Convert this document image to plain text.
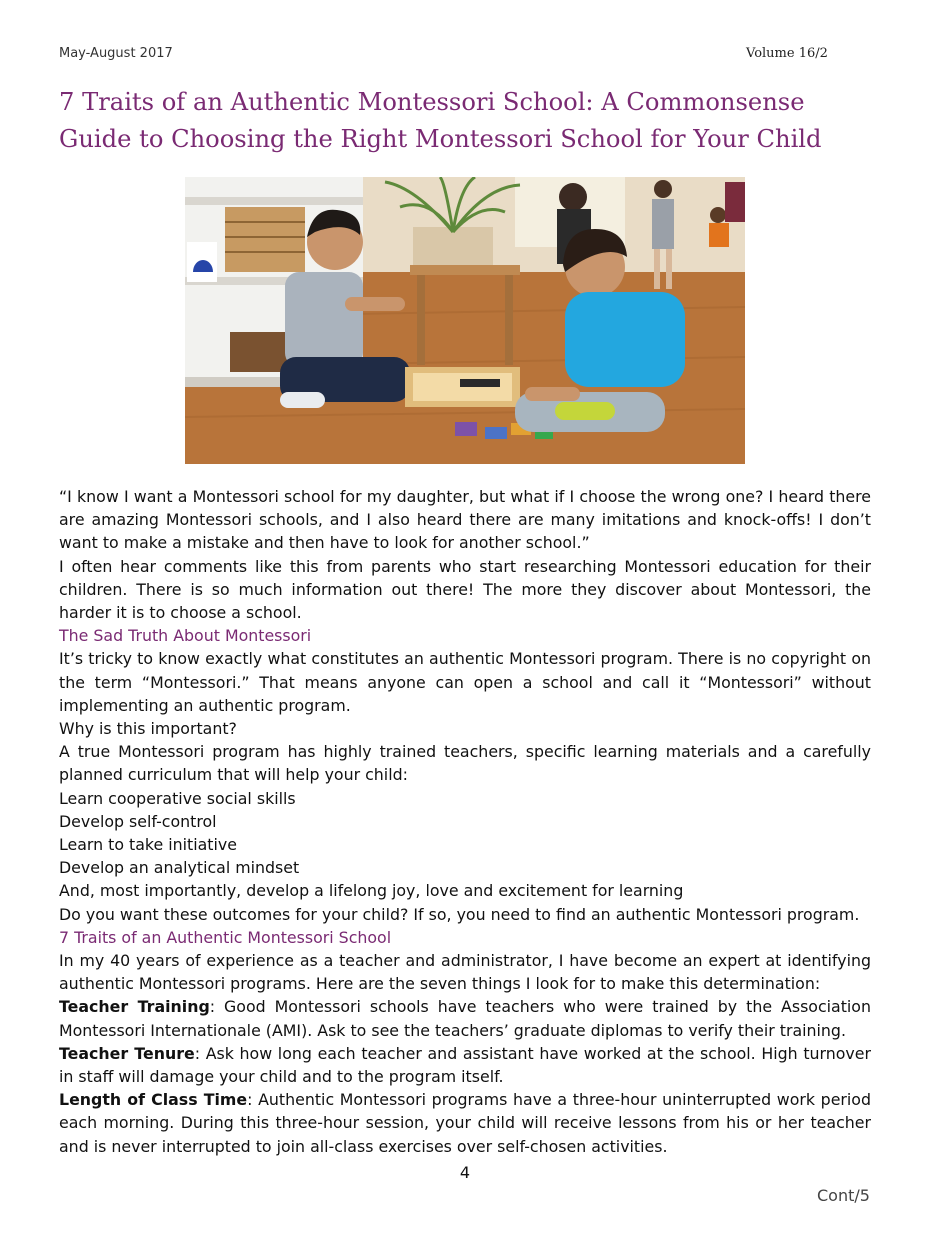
May-August 2017	Volume 16/2
7 Traits of an Authentic Montessori School: A Commonsense Guide to Choosing the Right Montessori School for Your Child

“I know I want a Montessori school for my daughter, but what if I choose the wrong one? I heard there are amazing Montessori schools, and I also heard there are many imitations and knock-offs! I don’t want to make a mistake and then have to look for another school.”

I often hear comments like this from parents who start researching Montessori education for their children. There is so much information out there! The more they discover about Montessori, the harder it is to choose a school.

The Sad Truth About Montessori

It’s tricky to know exactly what constitutes an authentic Montessori program. There is no copyright on the term “Montessori.” That means anyone can open a school and call it “Montessori” without implementing an authentic program.

Why is this important?

A true Montessori program has highly trained teachers, specific learning materials and a carefully planned curriculum that will help your child:

Learn cooperative social skills

Develop self-control

Learn to take initiative

Develop an analytical mindset

And, most importantly, develop a lifelong joy, love and excitement for learning

Do you want these outcomes for your child? If so, you need to find an authentic Montessori program.

7 Traits of an Authentic Montessori School

In my 40 years of experience as a teacher and administrator, I have become an expert at identifying authentic Montessori programs. Here are the seven things I look for to make this determination:

Teacher Training: Good Montessori schools have teachers who were trained by the Association Montessori Internationale (AMI). Ask to see the teachers’ graduate diplomas to verify their training.

Teacher Tenure: Ask how long each teacher and assistant have worked at the school. High turnover in staff will damage your child and to the program itself.

Length of Class Time: Authentic Montessori programs have a three-hour uninterrupted work period each morning. During this three-hour session, your child will receive lessons from his or her teacher and is never interrupted to join all-class exercises over self-chosen activities.

4
Cont/5
